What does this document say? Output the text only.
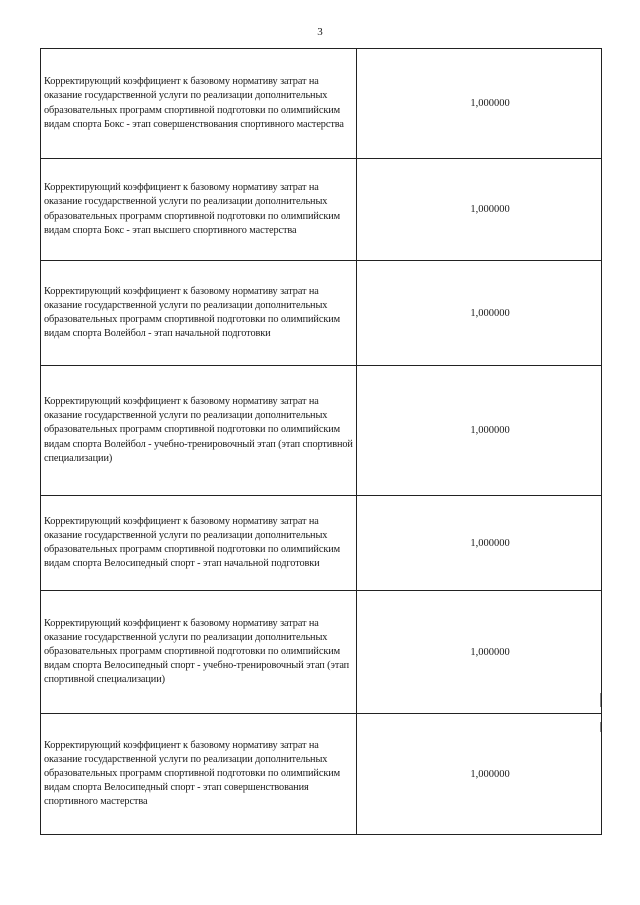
3
Корректирующий коэффициент к базовому нормативу затрат на оказание государственной услуги по реализации дополнительных образовательных программ спортивной подготовки по олимпийским видам спорта Бокс - этап совершенствования спортивного мастерства	1,000000
Корректирующий коэффициент к базовому нормативу затрат на оказание государственной услуги по реализации дополнительных образовательных программ спортивной подготовки по олимпийским видам спорта Бокс - этап высшего спортивного мастерства	1,000000
Корректирующий коэффициент к базовому нормативу затрат на оказание государственной услуги по реализации дополнительных образовательных программ спортивной подготовки по олимпийским видам спорта Волейбол - этап начальной подготовки	1,000000
Корректирующий коэффициент к базовому нормативу затрат на оказание государственной услуги по реализации дополнительных образовательных программ спортивной подготовки по олимпийским видам спорта Волейбол - учебно-тренировочный этап (этап спортивной специализации)	1,000000
Корректирующий коэффициент к базовому нормативу затрат на оказание государственной услуги по реализации дополнительных образовательных программ спортивной подготовки по олимпийским видам спорта Велосипедный спорт - этап начальной подготовки	1,000000
Корректирующий коэффициент к базовому нормативу затрат на оказание государственной услуги по реализации дополнительных образовательных программ спортивной подготовки по олимпийским видам спорта Велосипедный спорт - учебно-тренировочный этап (этап спортивной специализации)	1,000000
Корректирующий коэффициент к базовому нормативу затрат на оказание государственной услуги по реализации дополнительных образовательных программ спортивной подготовки по олимпийским видам спорта Велосипедный спорт - этап совершенствования спортивного мастерства	1,000000
